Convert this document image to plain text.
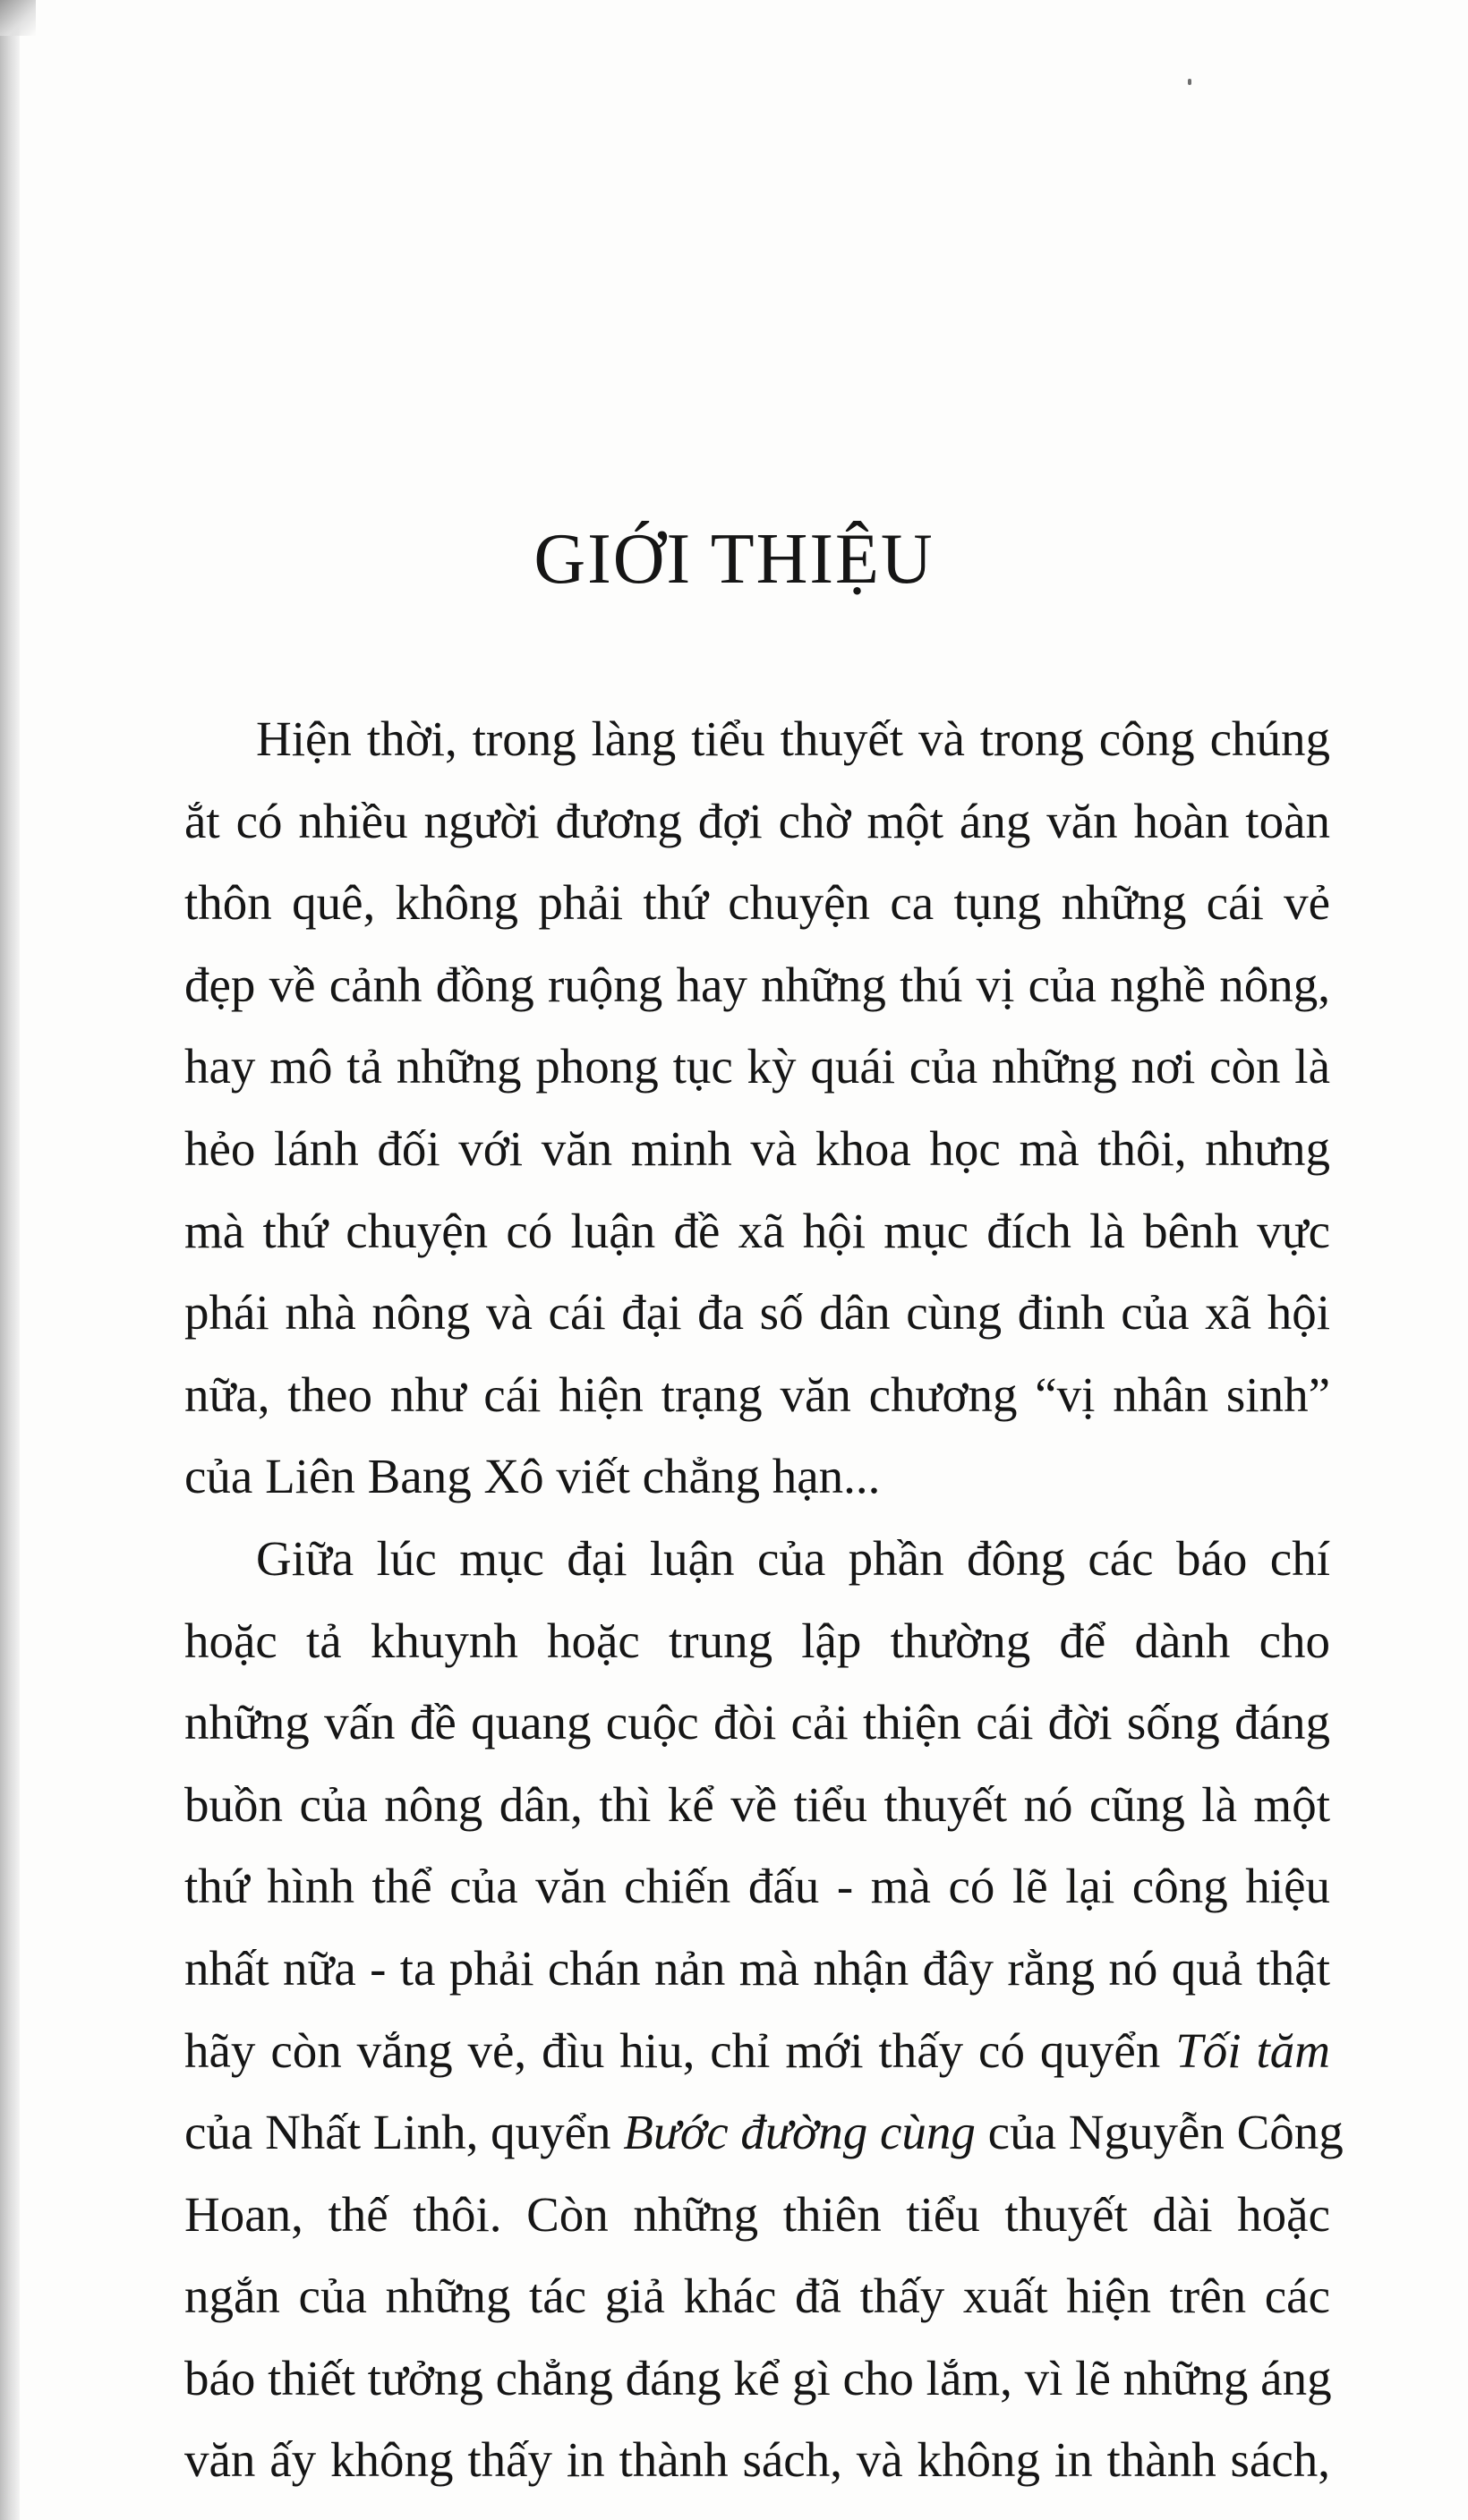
GIỚI THIỆU

Hiện thời, trong làng tiểu thuyết và trong công chúng
ắt có nhiều người đương đợi chờ một áng văn hoàn toàn
thôn quê, không phải thứ chuyện ca tụng những cái vẻ
đẹp về cảnh đồng ruộng hay những thú vị của nghề nông,
hay mô tả những phong tục kỳ quái của những nơi còn là
hẻo lánh đối với văn minh và khoa học mà thôi, nhưng
mà thứ chuyện có luận đề xã hội mục đích là bênh vực
phái nhà nông và cái đại đa số dân cùng đinh của xã hội
nữa, theo như cái hiện trạng văn chương “vị nhân sinh”
của Liên Bang Xô viết chẳng hạn...

Giữa lúc mục đại luận của phần đông các báo chí
hoặc tả khuynh hoặc trung lập thường để dành cho
những vấn đề quang cuộc đòi cải thiện cái đời sống đáng
buồn của nông dân, thì kể về tiểu thuyết nó cũng là một
thứ hình thể của văn chiến đấu - mà có lẽ lại công hiệu
nhất nữa - ta phải chán nản mà nhận đây rằng nó quả thật
hãy còn vắng vẻ, đìu hiu, chỉ mới thấy có quyển Tối tăm
của Nhất Linh, quyển Bước đường cùng của Nguyễn Công
Hoan, thế thôi. Còn những thiên tiểu thuyết dài hoặc
ngắn của những tác giả khác đã thấy xuất hiện trên các
báo thiết tưởng chẳng đáng kể gì cho lắm, vì lẽ những áng
văn ấy không thấy in thành sách, và không in thành sách,
